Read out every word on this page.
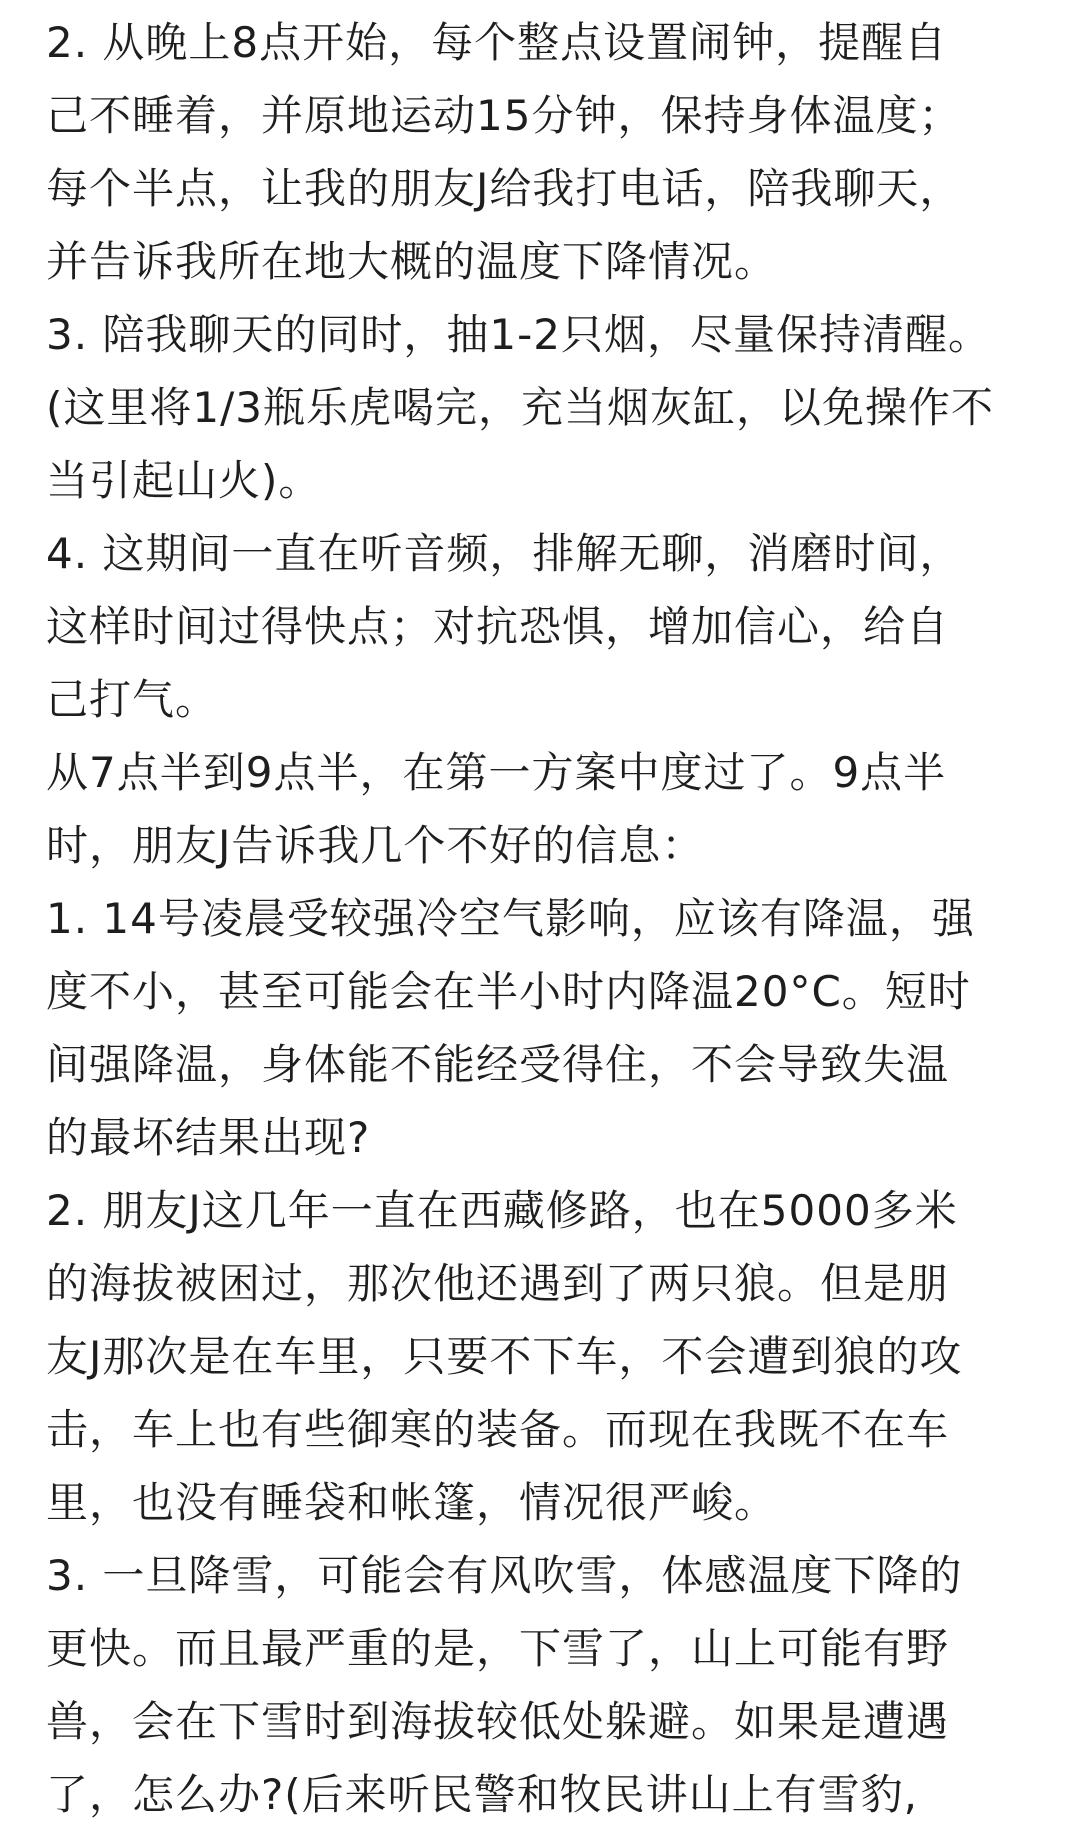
2. 从晚上8点开始，每个整点设置闹钟，提醒自
己不睡着，并原地运动15分钟，保持身体温度；
每个半点，让我的朋友J给我打电话，陪我聊天，
并告诉我所在地大概的温度下降情况。

3. 陪我聊天的同时，抽1-2只烟，尽量保持清醒。
(这里将1/3瓶乐虎喝完，充当烟灰缸，以免操作不
当引起山火)。

4. 这期间一直在听音频，排解无聊，消磨时间，
这样时间过得快点；对抗恐惧，增加信心，给自
己打气。

从7点半到9点半，在第一方案中度过了。9点半
时，朋友J告诉我几个不好的信息：

1. 14号凌晨受较强冷空气影响，应该有降温，强
度不小，甚至可能会在半小时内降温20°C。短时
间强降温，身体能不能经受得住，不会导致失温
的最坏结果出现?

2. 朋友J这几年一直在西藏修路，也在5000多米
的海拔被困过，那次他还遇到了两只狼。但是朋
友J那次是在车里，只要不下车，不会遭到狼的攻
击，车上也有些御寒的装备。而现在我既不在车
里，也没有睡袋和帐篷，情况很严峻。

3. 一旦降雪，可能会有风吹雪，体感温度下降的
更快。而且最严重的是，下雪了，山上可能有野
兽，会在下雪时到海拔较低处躲避。如果是遭遇
了，怎么办?(后来听民警和牧民讲山上有雪豹,
